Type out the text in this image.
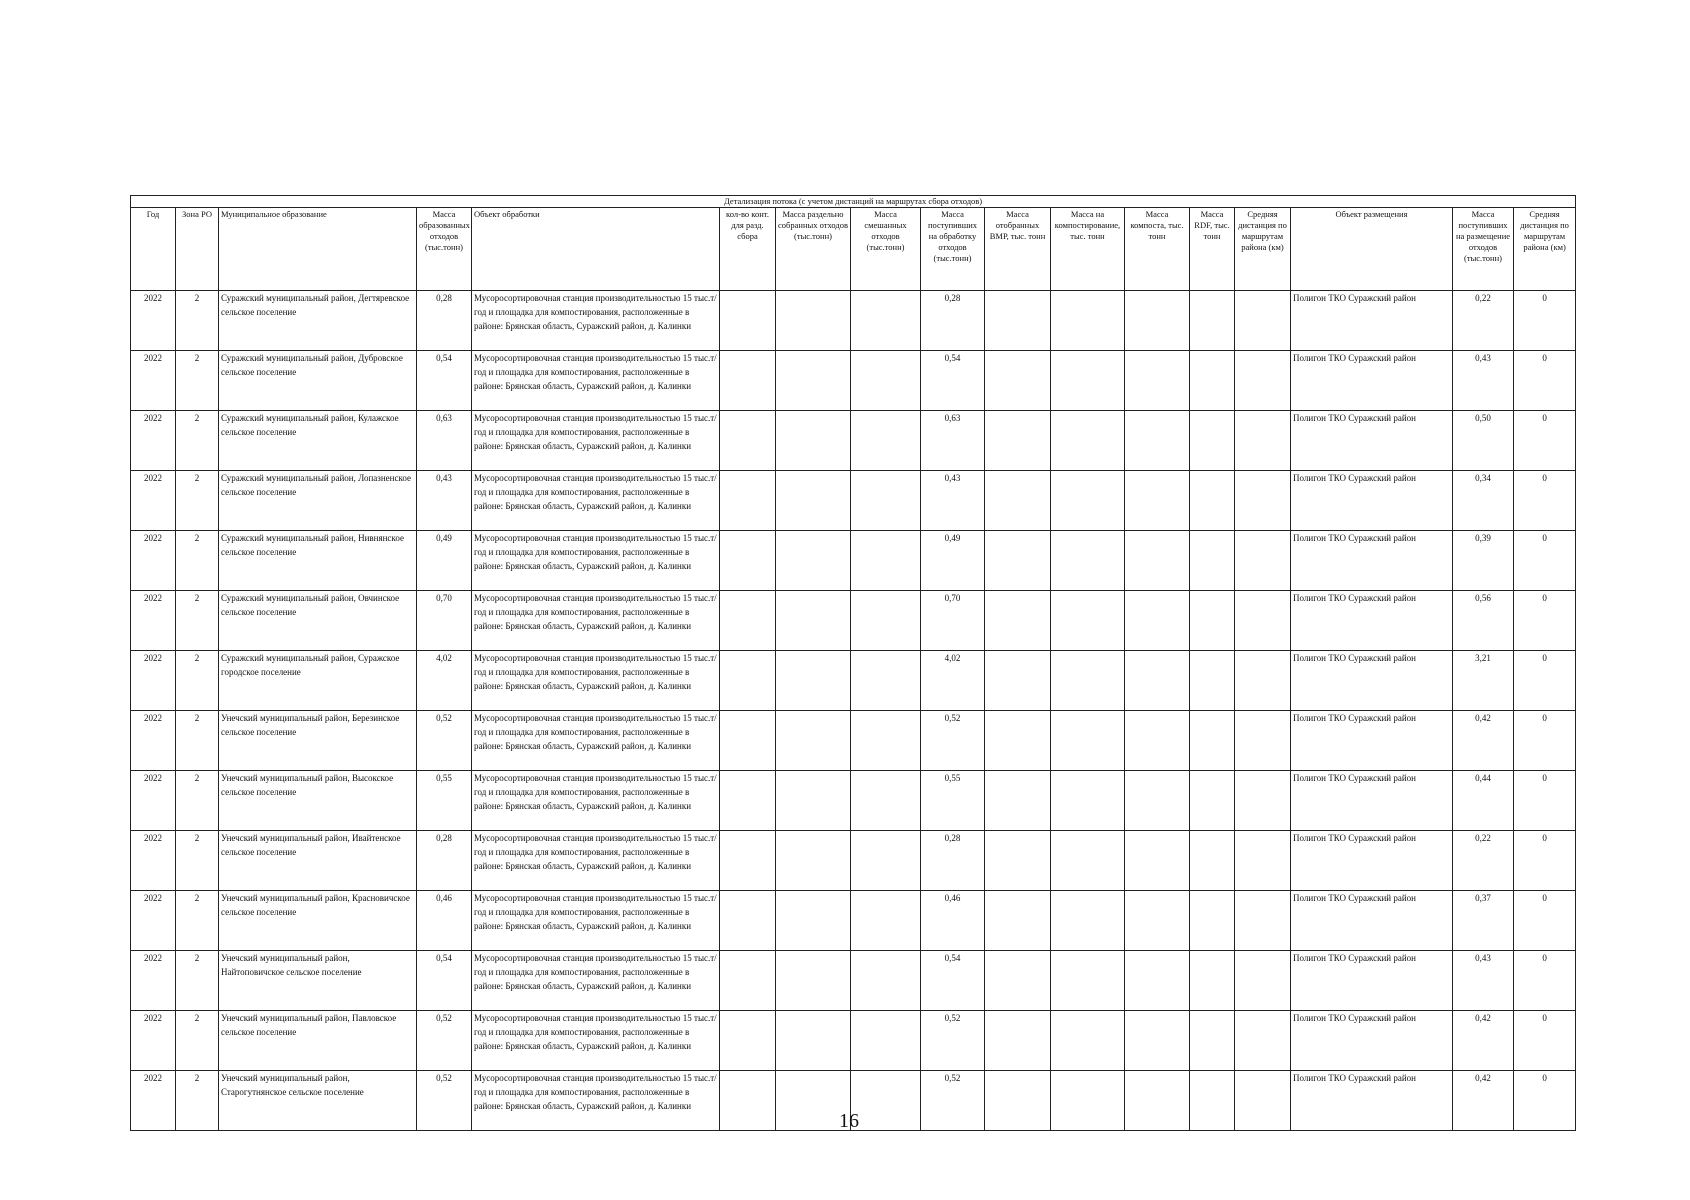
Детализация потока (с учетом дистанций на маршрутах сбора отходов)																
Год	Зона РО	Муниципальное образование	Масса образованных отходов (тыс.тонн)	Объект обработки	кол-во конт. для разд. сбора	Масса раздельно собранных отходов (тыс.тонн)	Масса смешанных отходов (тыс.тонн)	Масса поступивших на обработку отходов (тыс.тонн)	Масса отобранных ВМР, тыс. тонн	Масса на компостирование, тыс. тонн	Масса компоста, тыс. тонн	Масса RDF, тыс. тонн	Средняя дистанция по маршрутам района (км)	Объект размещения	Масса поступивших на размещение отходов (тыс.тонн)	Средняя дистанция по маршрутам района (км)
2022	2	Суражский муниципальный район, Дегтяревское сельское поселение	0,28	Мусоросортировочная станция производительностью 15 тыс.т/год и площадка для компостирования, расположенные в районе: Брянская область, Суражский район, д. Калинки				0,28						Полигон ТКО Суражский район	0,22	0
2022	2	Суражский муниципальный район, Дубровское сельское поселение	0,54	Мусоросортировочная станция производительностью 15 тыс.т/год и площадка для компостирования, расположенные в районе: Брянская область, Суражский район, д. Калинки				0,54						Полигон ТКО Суражский район	0,43	0
2022	2	Суражский муниципальный район, Кулажское сельское поселение	0,63	Мусоросортировочная станция производительностью 15 тыс.т/год и площадка для компостирования, расположенные в районе: Брянская область, Суражский район, д. Калинки				0,63						Полигон ТКО Суражский район	0,50	0
2022	2	Суражский муниципальный район, Лопазненское сельское поселение	0,43	Мусоросортировочная станция производительностью 15 тыс.т/год и площадка для компостирования, расположенные в районе: Брянская область, Суражский район, д. Калинки				0,43						Полигон ТКО Суражский район	0,34	0
2022	2	Суражский муниципальный район, Нивнянское сельское поселение	0,49	Мусоросортировочная станция производительностью 15 тыс.т/год и площадка для компостирования, расположенные в районе: Брянская область, Суражский район, д. Калинки				0,49						Полигон ТКО Суражский район	0,39	0
2022	2	Суражский муниципальный район, Овчинское сельское поселение	0,70	Мусоросортировочная станция производительностью 15 тыс.т/год и площадка для компостирования, расположенные в районе: Брянская область, Суражский район, д. Калинки				0,70						Полигон ТКО Суражский район	0,56	0
2022	2	Суражский муниципальный район, Суражское городское поселение	4,02	Мусоросортировочная станция производительностью 15 тыс.т/год и площадка для компостирования, расположенные в районе: Брянская область, Суражский район, д. Калинки				4,02						Полигон ТКО Суражский район	3,21	0
2022	2	Унечский муниципальный район, Березинское сельское поселение	0,52	Мусоросортировочная станция производительностью 15 тыс.т/год и площадка для компостирования, расположенные в районе: Брянская область, Суражский район, д. Калинки				0,52						Полигон ТКО Суражский район	0,42	0
2022	2	Унечский муниципальный район, Высокское сельское поселение	0,55	Мусоросортировочная станция производительностью 15 тыс.т/год и площадка для компостирования, расположенные в районе: Брянская область, Суражский район, д. Калинки				0,55						Полигон ТКО Суражский район	0,44	0
2022	2	Унечский муниципальный район, Ивайтенское сельское поселение	0,28	Мусоросортировочная станция производительностью 15 тыс.т/год и площадка для компостирования, расположенные в районе: Брянская область, Суражский район, д. Калинки				0,28						Полигон ТКО Суражский район	0,22	0
2022	2	Унечский муниципальный район, Красновичское сельское поселение	0,46	Мусоросортировочная станция производительностью 15 тыс.т/год и площадка для компостирования, расположенные в районе: Брянская область, Суражский район, д. Калинки				0,46						Полигон ТКО Суражский район	0,37	0
2022	2	Унечский муниципальный район, Найтоповичское сельское поселение	0,54	Мусоросортировочная станция производительностью 15 тыс.т/год и площадка для компостирования, расположенные в районе: Брянская область, Суражский район, д. Калинки				0,54						Полигон ТКО Суражский район	0,43	0
2022	2	Унечский муниципальный район, Павловское сельское поселение	0,52	Мусоросортировочная станция производительностью 15 тыс.т/год и площадка для компостирования, расположенные в районе: Брянская область, Суражский район, д. Калинки				0,52						Полигон ТКО Суражский район	0,42	0
2022	2	Унечский муниципальный район, Старогутнянское сельское поселение	0,52	Мусоросортировочная станция производительностью 15 тыс.т/год и площадка для компостирования, расположенные в районе: Брянская область, Суражский район, д. Калинки				0,52						Полигон ТКО Суражский район	0,42	0
16
